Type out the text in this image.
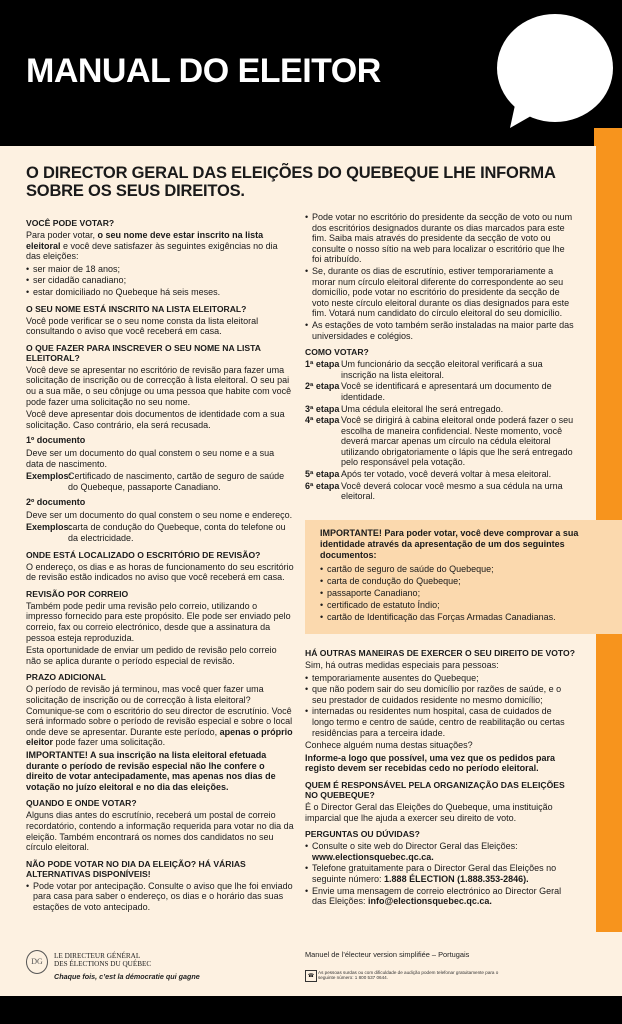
MANUAL DO ELEITOR
O DIRECTOR GERAL DAS ELEIÇÕES DO QUEBEQUE LHE INFORMA SOBRE OS SEUS DIREITOS.
VOCÊ PODE VOTAR?

Para poder votar, o seu nome deve estar inscrito na lista eleitoral e você deve satisfazer às seguintes exigências no dia das eleições:

• ser maior de 18 anos;
• ser cidadão canadiano;
• estar domiciliado no Quebeque há seis meses.
O SEU NOME ESTÁ INSCRITO NA LISTA ELEITORAL?

Você pode verificar se o seu nome consta da lista eleitoral consultando o aviso que você receberá em casa.

O QUE FAZER PARA INSCREVER O SEU NOME NA LISTA ELEITORAL?

Você deve se apresentar no escritório de revisão para fazer uma solicitação de inscrição ou de correcção à lista eleitoral. O seu pai ou a sua mãe, o seu cônjuge ou uma pessoa que habite com você pode fazer uma solicitação no seu nome.

Você deve apresentar dois documentos de identidade com a sua solicitação. Caso contrário, ela será recusada.

1º documento

Deve ser um documento do qual constem o seu nome e a sua data de nascimento.

Exemplos:
Certificado de nascimento, cartão de seguro de saúde do Quebeque, passaporte Canadiano.

2º documento

Deve ser um documento do qual constem o seu nome e endereço.

Exemplos:
carta de condução do Quebeque, conta do telefone ou da electricidade.
ONDE ESTÁ LOCALIZADO O ESCRITÓRIO DE REVISÃO?

O endereço, os dias e as horas de funcionamento do seu escritório de revisão estão indicados no aviso que você receberá em casa.

REVISÃO POR CORREIO

Também pode pedir uma revisão pelo correio, utilizando o impresso fornecido para este propósito. Ele pode ser enviado pelo correio, fax ou correio electrónico, desde que a assinatura da pessoa esteja reproduzida.

Esta oportunidade de enviar um pedido de revisão pelo correio não se aplica durante o período especial de revisão.

PRAZO ADICIONAL

O período de revisão já terminou, mas você quer fazer uma solicitação de inscrição ou de correcção à lista eleitoral? Comunique-se com o escritório do seu director de escrutínio. Você será informado sobre o período de revisão especial e sobre o local onde deve se apresentar. Durante este período, apenas o próprio eleitor pode fazer uma solicitação.

IMPORTANTE! A sua inscrição na lista eleitoral efetuada durante o período de revisão especial não lhe confere o direito de votar antecipadamente, mas apenas nos dias de votação no juízo eleitoral e no dia das eleições.

QUANDO E ONDE VOTAR?

Alguns dias antes do escrutínio, receberá um postal de correio recordatório, contendo a informação requerida para votar no dia da eleição. Também encontrará os nomes dos candidatos no seu círculo eleitoral.

NÃO PODE VOTAR NO DIA DA ELEIÇÃO? HÁ VÁRIAS ALTERNATIVAS DISPONÍVEIS!
• Pode votar por antecipação. Consulte o aviso que lhe foi enviado para casa para saber o endereço, os dias e o horário das suas estações de voto antecipado.
• Pode votar no escritório do presidente da secção de voto ou num dos escritórios designados durante os dias marcados para este fim. Saiba mais através do presidente da secção de voto ou consulte o nosso sítio na web para localizar o escritório que lhe foi atribuído.
• Se, durante os dias de escrutínio, estiver temporariamente a morar num círculo eleitoral diferente do correspondente ao seu domicílio, pode votar no escritório do presidente da secção de voto neste círculo eleitoral durante os dias designados para este fim. Votará num candidato do círculo eleitoral do seu domicílio.
• As estações de voto também serão instaladas na maior parte das universidades e colégios.
COMO VOTAR?
1ª etapa Um funcionário da secção eleitoral verificará a sua inscrição na lista eleitoral.
2ª etapa Você se identificará e apresentará um documento de identidade.
3ª etapa Uma cédula eleitoral lhe será entregado.
4ª etapa Você se dirigirá à cabina eleitoral onde poderá fazer o seu escolha de maneira confidencial. Neste momento, você deverá marcar apenas um círculo na cédula eleitoral utilizando obrigatoriamente o lápis que lhe será entregado pelo responsável pela votação.
5ª etapa Após ter votado, você deverá voltar à mesa eleitoral.
6ª etapa Você deverá colocar você mesmo a sua cédula na urna eleitoral.

IMPORTANTE! Para poder votar, você deve comprovar a sua identidade através da apresentação de um dos seguintes documentos:

• cartão de seguro de saúde do Quebeque;
• carta de condução do Quebeque;
• passaporte Canadiano;
• certificado de estatuto Índio;
• cartão de Identificação das Forças Armadas Canadianas.
HÁ OUTRAS MANEIRAS DE EXERCER O SEU DIREITO DE VOTO?

Sim, há outras medidas especiais para pessoas:

• temporariamente ausentes do Quebeque;
• que não podem sair do seu domicílio por razões de saúde, e o seu prestador de cuidados residente no mesmo domicílio;
• internadas ou residentes num hospital, casa de cuidados de longo termo e centro de saúde, centro de reabilitação ou certas residências para a terceira idade.

Conhece alguém numa destas situações?

Informe-a logo que possível, uma vez que os pedidos para registo devem ser recebidas cedo no período eleitoral.

QUEM É RESPONSÁVEL PELA ORGANIZAÇÃO DAS ELEIÇÕES NO QUEBEQUE?

É o Director Geral das Eleições do Quebeque, uma instituição imparcial que lhe ajuda a exercer seu direito de voto.

PERGUNTAS OU DÚVIDAS?
• Consulte o site web do Director Geral das Eleições: www.electionsquebec.qc.ca.
• Telefone gratuitamente para o Director Geral das Eleições no seguinte número: 1.888 ÉLECTION (1.888.353-2846).
• Envie uma mensagem de correio electrónico ao Director Geral das Eleições: info@electionsquebec.qc.ca.
DG
LE DIRECTEUR GÉNÉRAL
DES ÉLECTIONS DU QUÉBEC
Chaque fois, c’est la démocratie qui gagne
Manuel de l’électeur version simplifiée – Portugais
☎
As pessoas surdas ou com dificuldade de audição podem telefonar gratuitamente para o seguinte número: 1 800 537 0644.
